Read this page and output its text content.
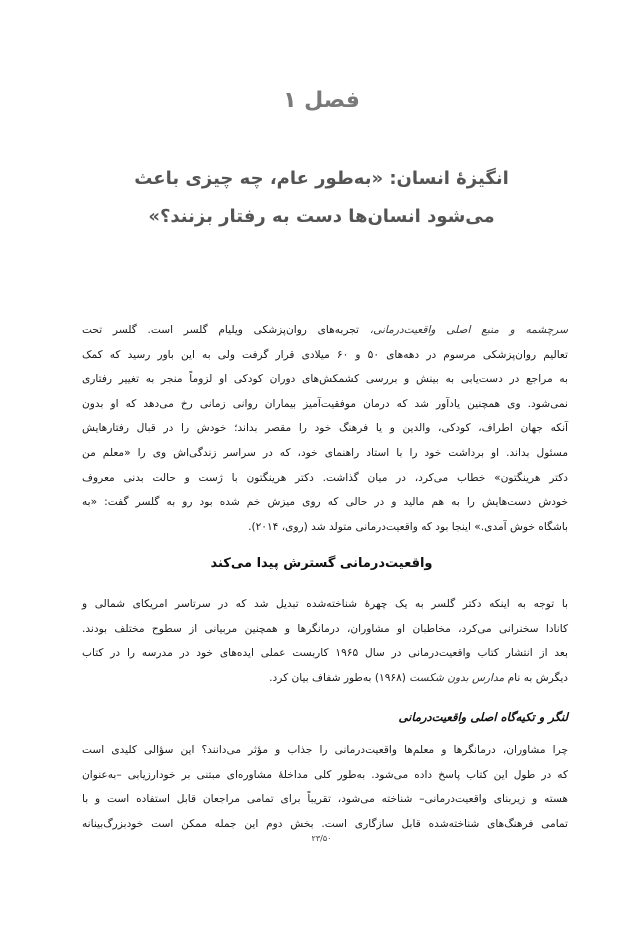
فصل ۱
انگیزۀ انسان: «به‌طور عام، چه چیزی باعث
می‌شود انسان‌ها دست به رفتار بزنند؟»
سرچشمه و منبع اصلی واقعیت‌درمانی، تجربه‌های روان‌پزشکی ویلیام گلسر است. گلسر تحت
تعالیم روان‌پزشکی مرسوم در دهه‌های ۵۰ و ۶۰ میلادی قرار گرفت ولی به این باور رسید که کمک
به مراجع در دست‌یابی به بینش و بررسی کشمکش‌های دوران کودکی او لزوماً منجر به تغییر رفتاری
نمی‌شود. وی همچنین یادآور شد که درمان موفقیت‌آمیز بیماران روانی زمانی رخ می‌دهد که او بدون
آنکه جهان اطراف، کودکی، والدین و یا فرهنگ خود را مقصر بداند؛ خودش را در قبال رفتارهایش
مسئول بداند. او برداشت خود را با استاد راهنمای خود، که در سراسر زندگی‌اش وی را «معلم من
دکتر هرینگتون» خطاب می‌کرد، در میان گذاشت. دکتر هرینگتون با ژست و حالت بدنی معروف
خودش دست‌هایش را به هم مالید و در حالی که روی میزش خم شده بود رو به گلسر گفت: «به
باشگاه خوش آمدی.» اینجا بود که واقعیت‌درمانی متولد شد (روی، ۲۰۱۴).
واقعیت‌درمانی گسترش پیدا می‌کند
با توجه به اینکه دکتر گلسر به یک چهرۀ شناخته‌شده تبدیل شد که در سرتاسر امریکای شمالی و
کانادا سخنرانی می‌کرد، مخاطبان او مشاوران، درمانگرها و همچنین مربیانی از سطوح مختلف بودند.
بعد از انتشار کتاب واقعیت‌درمانی در سال ۱۹۶۵ کاربست عملی ایده‌های خود در مدرسه را در کتاب
دیگرش به نام مدارس بدون شکست (۱۹۶۸) به‌طور شفاف بیان کرد.
لنگر و تکیه‌گاه اصلی واقعیت‌درمانی
چرا مشاوران، درمانگرها و معلم‌ها واقعیت‌درمانی را جذاب و مؤثر می‌دانند؟ این سؤالی کلیدی است
که در طول این کتاب پاسخ داده می‌شود. به‌طور کلی مداخلۀ مشاوره‌ای مبتنی بر خودارزیابی –به‌عنوان
هسته و زیربنای واقعیت‌درمانی– شناخته می‌شود، تقریباً برای تمامی مراجعان قابل استفاده است و با
تمامی فرهنگ‌های شناخته‌شده قابل سازگاری است. بخش دوم این جمله ممکن است خودبزرگ‌بینانه
۲۳/۵۰
